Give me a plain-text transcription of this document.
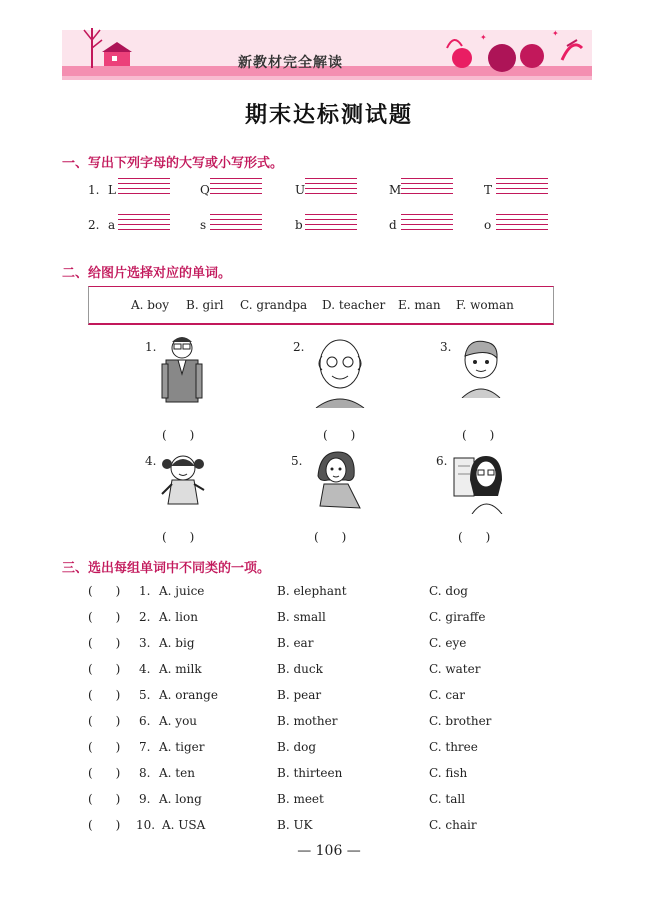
✦	✦
新教材完全解读
期末达标测试题
一、写出下列字母的大写或小写形式。
1. L	Q	U	M	T
2. a	s	b	d	o
二、给图片选择对应的单词。
A. boy B. girl C. grandpa D. teacher E. man F. woman
1.
(      )
2.
(      )
3.
(      )
4.
(      )
5.
(      )
6.
(      )
三、选出每组单词中不同类的一项。
(      ) 1. A. juice	B. elephant	C. dog
(      ) 2. A. lion	B. small	C. giraffe
(      ) 3. A. big	B. ear	C. eye
(      ) 4. A. milk	B. duck	C. water
(      ) 5. A. orange	B. pear	C. car
(      ) 6. A. you	B. mother	C. brother
(      ) 7. A. tiger	B. dog	C. three
(      ) 8. A. ten	B. thirteen	C. fish
(      ) 9. A. long	B. meet	C. tall
(      ) 10. A. USA	B. UK	C. chair
— 106 —
